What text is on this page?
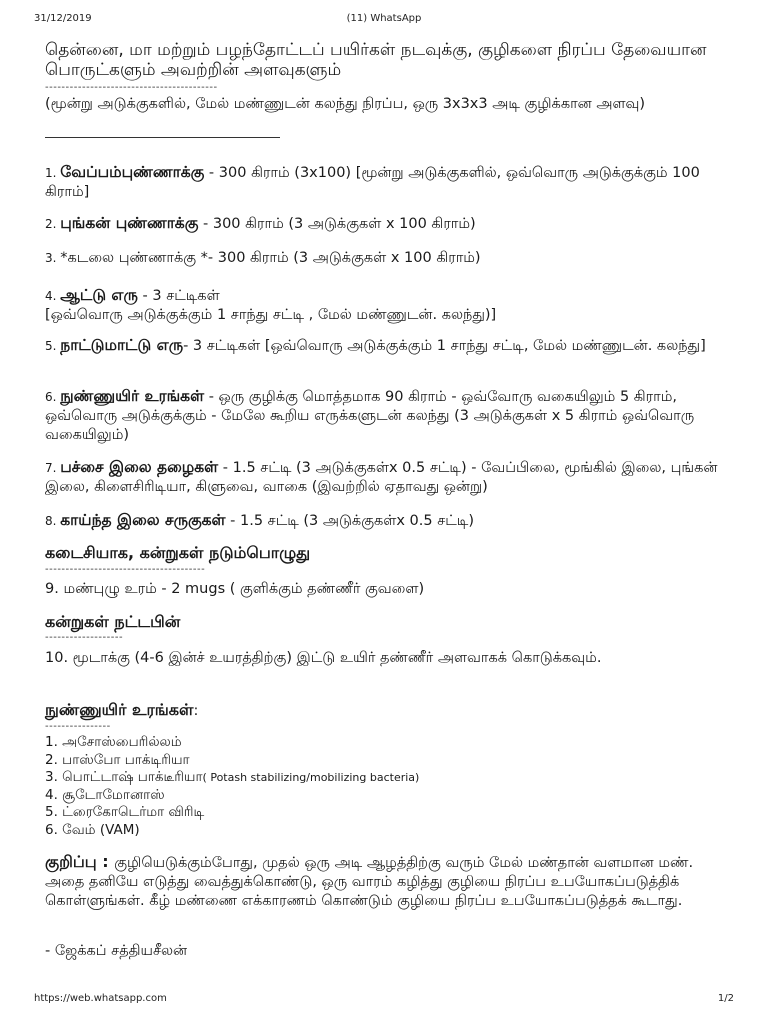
31/12/2019	(11) WhatsApp
தென்னை, மா மற்றும் பழந்தோட்டப் பயிர்கள் நடவுக்கு, குழிகளை நிரப்ப தேவையான பொருட்களும் அவற்றின் அளவுகளும்
------------------------------------------
(மூன்று அடுக்குகளில், மேல் மண்ணுடன் கலந்து நிரப்ப, ஒரு 3x3x3 அடி குழிக்கான அளவு)
1. வேப்பம்புண்ணாக்கு - 300 கிராம் (3x100) [மூன்று அடுக்குகளில், ஒவ்வொரு அடுக்குக்கும் 100 கிராம்]
2. புங்கன் புண்ணாக்கு - 300 கிராம் (3 அடுக்குகள் x 100 கிராம்)
3. *கடலை புண்ணாக்கு *- 300 கிராம் (3 அடுக்குகள் x 100 கிராம்)
4. ஆட்டு எரு - 3 சட்டிகள்
[ஒவ்வொரு அடுக்குக்கும் 1 சாந்து சட்டி , மேல் மண்ணுடன். கலந்து)]
5. நாட்டுமாட்டு எரு- 3 சட்டிகள் [ஒவ்வொரு அடுக்குக்கும் 1 சாந்து சட்டி, மேல் மண்ணுடன். கலந்து]
6. நுண்ணுயிர் உரங்கள் - ஒரு குழிக்கு மொத்தமாக 90 கிராம் - ஒவ்வோரு வகையிலும் 5 கிராம், ஒவ்வொரு அடுக்குக்கும் - மேலே கூறிய எருக்களுடன் கலந்து (3 அடுக்குகள் x 5 கிராம் ஒவ்வொரு வகையிலும்)
7. பச்சை இலை தழைகள் - 1.5 சட்டி (3 அடுக்குகள்x 0.5 சட்டி) - வேப்பிலை, மூங்கில் இலை, புங்கன் இலை, கிளைசிரிடியா, கிளுவை, வாகை (இவற்றில் ஏதாவது ஒன்று)
8. காய்ந்த இலை சருகுகள் - 1.5 சட்டி (3 அடுக்குகள்x 0.5 சட்டி)
கடைசியாக, கன்றுகள் நடும்பொழுது
---------------------------------------
9. மண்புழு உரம் - 2 mugs ( குளிக்கும் தண்ணீர் குவளை)
கன்றுகள் நட்டபின்
-------------------
10. மூடாக்கு (4-6 இன்ச் உயரத்திற்கு) இட்டு உயிர் தண்ணீர் அளவாகக் கொடுக்கவும்.
நுண்ணுயிர் உரங்கள்:
----------------
1. அசோஸ்பைரில்லம்
2. பாஸ்போ பாக்டிரியா
3. பொட்டாஷ் பாக்டீரியா( Potash stabilizing/mobilizing bacteria)
4. சூடோமோனாஸ்
5. ட்ரைகோடெர்மா விரிடி
6. வேம் (VAM)
குறிப்பு : குழியெடுக்கும்போது, முதல் ஒரு அடி ஆழத்திற்கு வரும் மேல் மண்தான் வளமான மண். அதை தனியே எடுத்து வைத்துக்கொண்டு, ஒரு வாரம் கழித்து குழியை நிரப்ப உபயோகப்படுத்திக் கொள்ளுங்கள். கீழ் மண்ணை எக்காரணம் கொண்டும் குழியை நிரப்ப உபயோகப்படுத்தக் கூடாது.
- ஜேக்கப் சத்தியசீலன்
https://web.whatsapp.com	1/2
